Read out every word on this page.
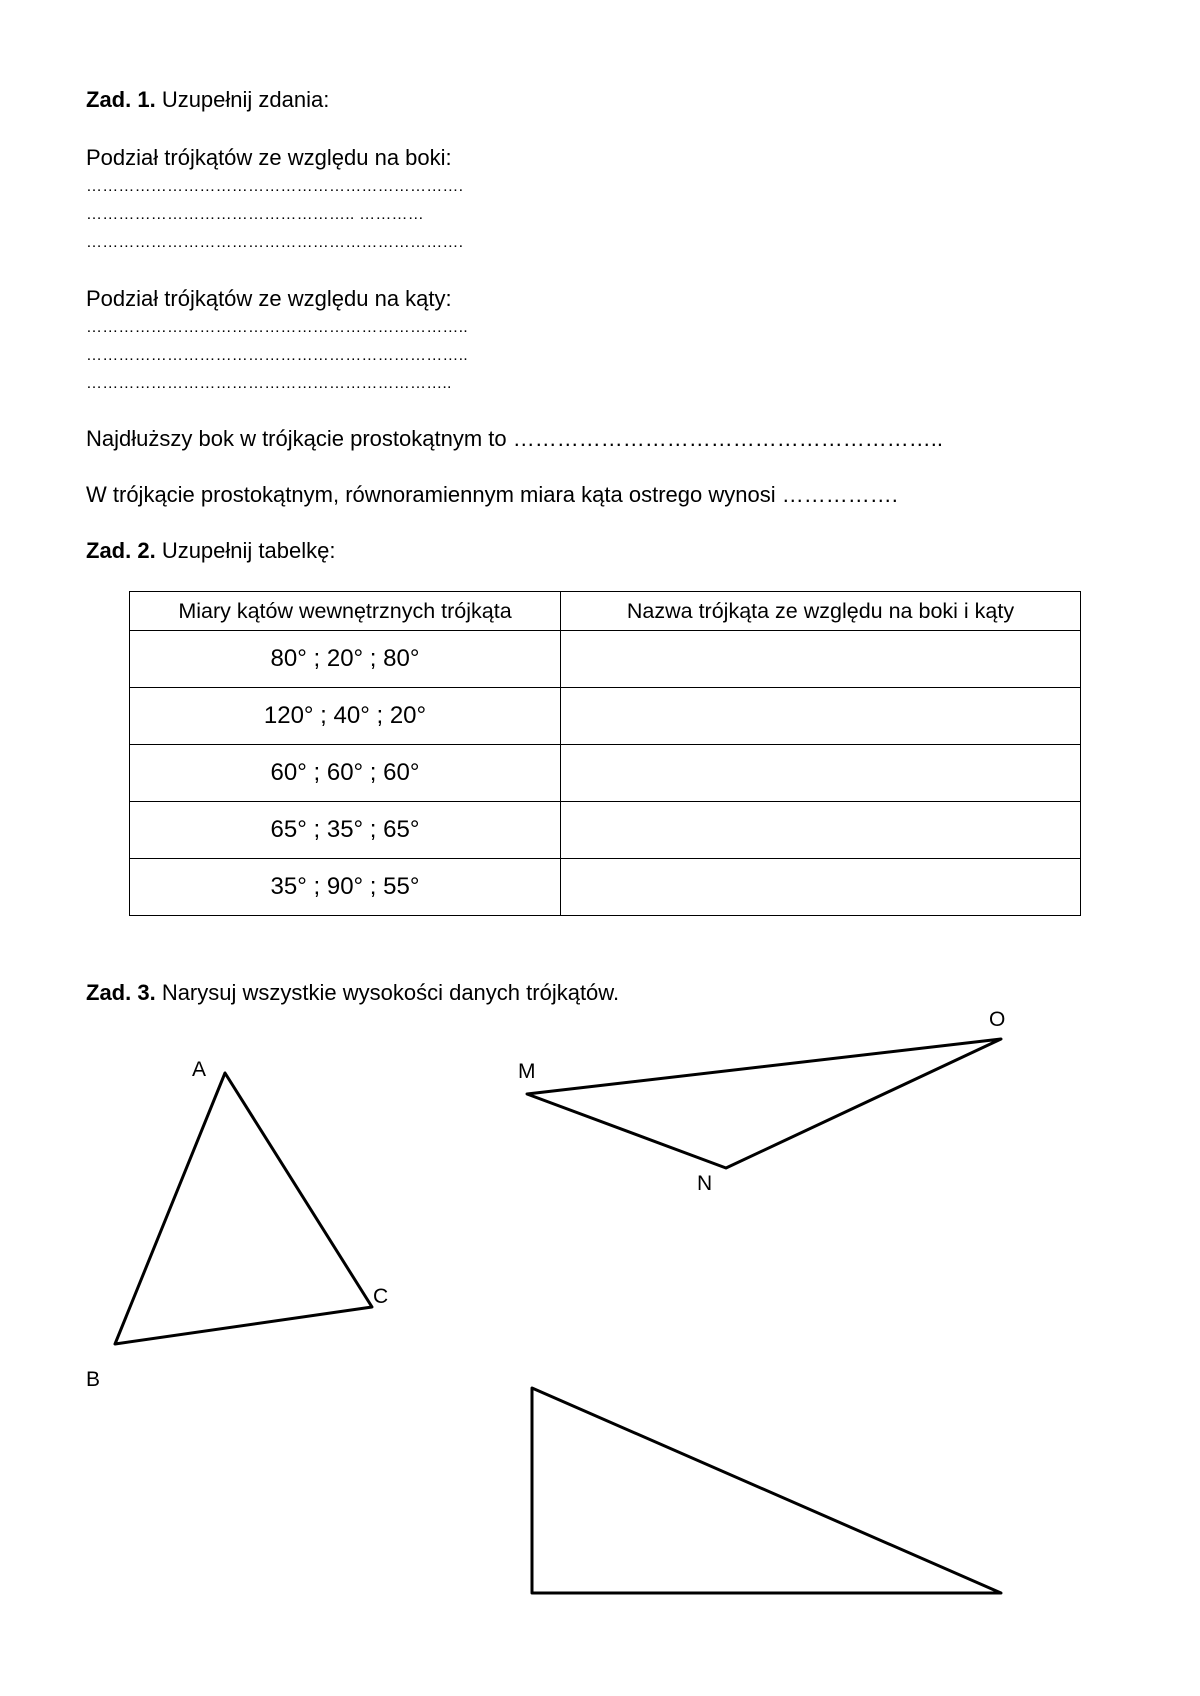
Zad. 1. Uzupełnij zdania:
Podział trójkątów ze względu na boki:
…………………………………………………………….
………………………………………….. …………
…………………………………………………………….
Podział trójkątów ze względu na kąty:
……………………………………………………………..
……………………………………………………………..
…………………………………………………………..
Najdłuższy bok w trójkącie prostokątnym to …………………………………………………..
W trójkącie prostokątnym, równoramiennym miara kąta ostrego wynosi …………….
Zad. 2. Uzupełnij tabelkę:
Miary kątów wewnętrznych trójkąta	Nazwa trójkąta ze względu na boki i kąty
80° ; 20° ; 80°	
120° ; 40° ; 20°	
60° ; 60° ; 60°	
65° ; 35° ; 65°	
35° ; 90° ; 55°	
Zad. 3. Narysuj wszystkie wysokości danych trójkątów.
A
B
C
M
N
O
